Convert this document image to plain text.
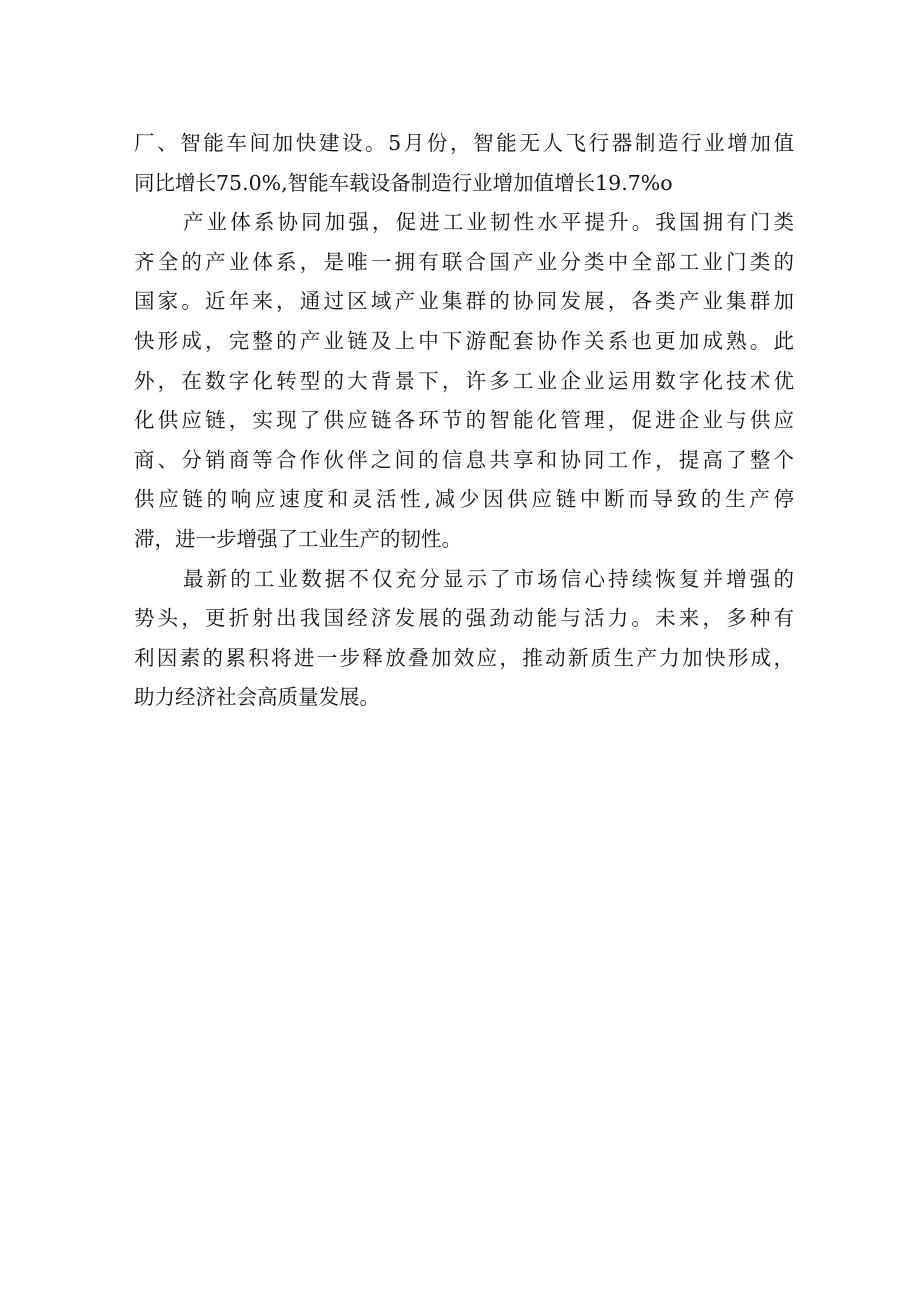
厂、智能车间加快建设。5月份，智能无人飞行器制造行业增加值
同比增长75.0%,智能车载设备制造行业增加值增长19.7%o
产业体系协同加强，促进工业韧性水平提升。我国拥有门类
齐全的产业体系，是唯一拥有联合国产业分类中全部工业门类的
国家。近年来，通过区域产业集群的协同发展，各类产业集群加
快形成，完整的产业链及上中下游配套协作关系也更加成熟。此
外，在数字化转型的大背景下，许多工业企业运用数字化技术优
化供应链，实现了供应链各环节的智能化管理，促进企业与供应
商、分销商等合作伙伴之间的信息共享和协同工作，提高了整个
供应链的响应速度和灵活性,减少因供应链中断而导致的生产停
滞，进一步增强了工业生产的韧性。
最新的工业数据不仅充分显示了市场信心持续恢复并增强的
势头，更折射出我国经济发展的强劲动能与活力。未来，多种有
利因素的累积将进一步释放叠加效应，推动新质生产力加快形成，
助力经济社会高质量发展。
